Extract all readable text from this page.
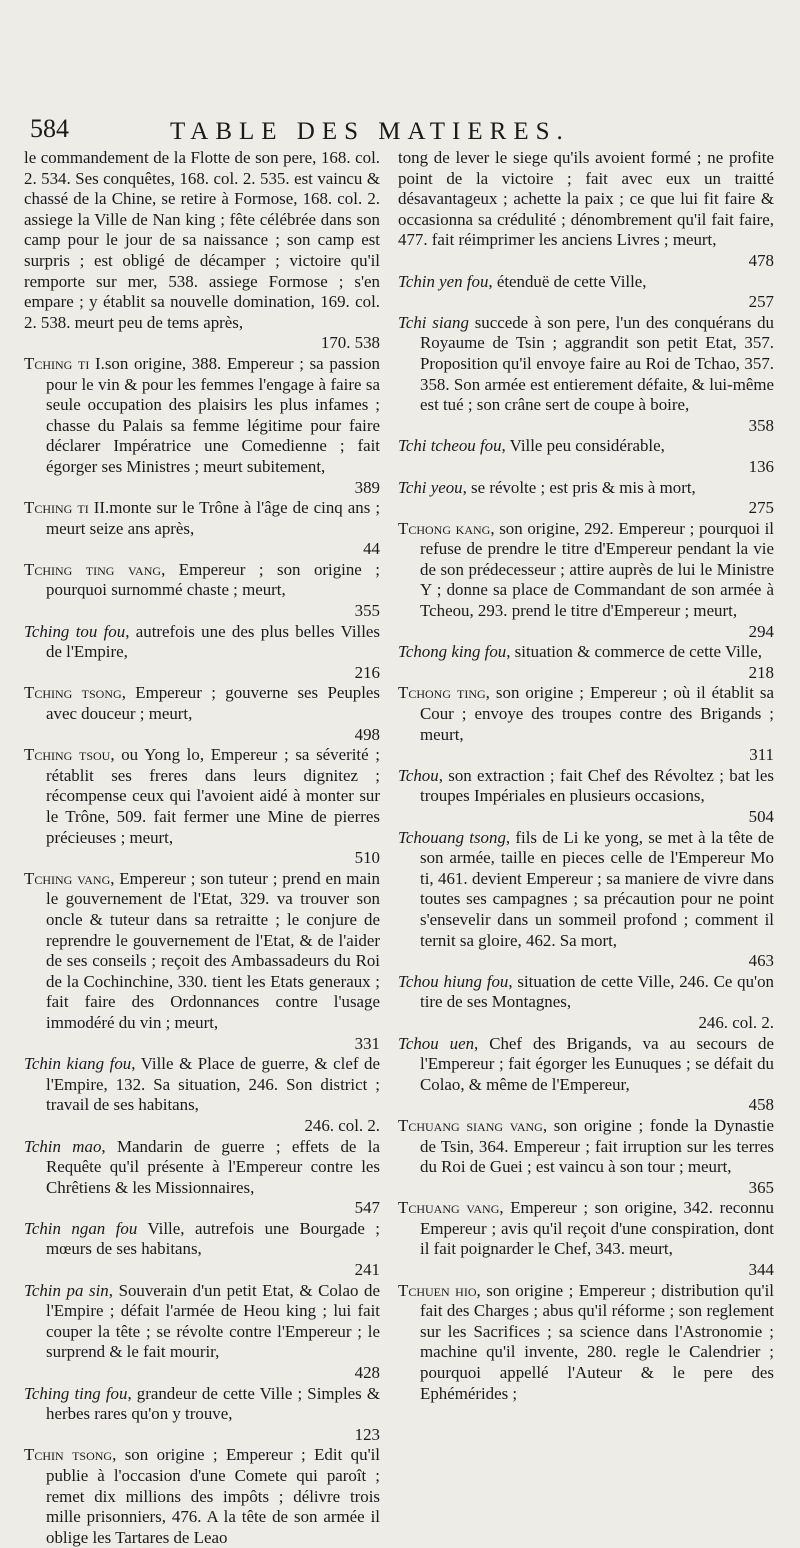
584	TABLE DES MATIERES.
le commandement de la Flotte de son pere, 168. col. 2. 534. Ses conquêtes, 168. col. 2. 535. est vaincu & chassé de la Chine, se retire à Formose, 168. col. 2. assiege la Ville de Nan king ; fête célébrée dans son camp pour le jour de sa naissance ; son camp est surpris ; est obligé de décamper ; victoire qu'il remporte sur mer, 538. assiege Formose ; s'en empare ; y établit sa nouvelle domination, 169. col. 2. 538. meurt peu de tems après,
170. 538
Tching ti I.son origine, 388. Empereur ; sa passion pour le vin & pour les femmes l'engage à faire sa seule occupation des plaisirs les plus infames ; chasse du Palais sa femme légitime pour faire déclarer Impératrice une Comedienne ; fait égorger ses Ministres ; meurt subitement,
389
Tching ti II.monte sur le Trône à l'âge de cinq ans ; meurt seize ans après,
44
Tching ting vang, Empereur ; son origine ; pourquoi surnommé chaste ; meurt,
355
Tching tou fou, autrefois une des plus belles Villes de l'Empire,
216
Tching tsong, Empereur ; gouverne ses Peuples avec douceur ; meurt,
498
Tching tsou, ou Yong lo, Empereur ; sa séverité ; rétablit ses freres dans leurs dignitez ; récompense ceux qui l'avoient aidé à monter sur le Trône, 509. fait fermer une Mine de pierres précieuses ; meurt,
510
Tching vang, Empereur ; son tuteur ; prend en main le gouvernement de l'Etat, 329. va trouver son oncle & tuteur dans sa retraitte ; le conjure de reprendre le gouvernement de l'Etat, & de l'aider de ses conseils ; reçoit des Ambassadeurs du Roi de la Cochinchine, 330. tient les Etats generaux ; fait faire des Ordonnances contre l'usage immodéré du vin ; meurt,
331
Tchin kiang fou, Ville & Place de guerre, & clef de l'Empire, 132. Sa situation, 246. Son district ; travail de ses habitans,
246. col. 2.
Tchin mao, Mandarin de guerre ; effets de la Requête qu'il présente à l'Empereur contre les Chrêtiens & les Missionnaires,
547
Tchin ngan fou Ville, autrefois une Bourgade ; mœurs de ses habitans,
241
Tchin pa sin, Souverain d'un petit Etat, & Colao de l'Empire ; défait l'armée de Heou king ; lui fait couper la tête ; se révolte contre l'Empereur ; le surprend & le fait mourir,
428
Tching ting fou, grandeur de cette Ville ; Simples & herbes rares qu'on y trouve,
123
Tchin tsong, son origine ; Empereur ; Edit qu'il publie à l'occasion d'une Comete qui paroît ; remet dix millions des impôts ; délivre trois mille prisonniers, 476. A la tête de son armée il oblige les Tartares de Leao
tong de lever le siege qu'ils avoient formé ; ne profite point de la victoire ; fait avec eux un traitté désavantageux ; achette la paix ; ce que lui fit faire & occasionna sa crédulité ; dénombrement qu'il fait faire, 477. fait réimprimer les anciens Livres ; meurt,
478
Tchin yen fou, étenduë de cette Ville,
257
Tchi siang succede à son pere, l'un des conquérans du Royaume de Tsin ; aggrandit son petit Etat, 357. Proposition qu'il envoye faire au Roi de Tchao, 357. 358. Son armée est entierement défaite, & lui-même est tué ; son crâne sert de coupe à boire,
358
Tchi tcheou fou, Ville peu considérable,
136
Tchi yeou, se révolte ; est pris & mis à mort,
275
Tchong kang, son origine, 292. Empereur ; pourquoi il refuse de prendre le titre d'Empereur pendant la vie de son prédecesseur ; attire auprès de lui le Ministre Y ; donne sa place de Commandant de son armée à Tcheou, 293. prend le titre d'Empereur ; meurt,
294
Tchong king fou, situation & commerce de cette Ville,
218
Tchong ting, son origine ; Empereur ; où il établit sa Cour ; envoye des troupes contre des Brigands ; meurt,
311
Tchou, son extraction ; fait Chef des Révoltez ; bat les troupes Impériales en plusieurs occasions,
504
Tchouang tsong, fils de Li ke yong, se met à la tête de son armée, taille en pieces celle de l'Empereur Mo ti, 461. devient Empereur ; sa maniere de vivre dans toutes ses campagnes ; sa précaution pour ne point s'ensevelir dans un sommeil profond ; comment il ternit sa gloire, 462. Sa mort,
463
Tchou hiung fou, situation de cette Ville, 246. Ce qu'on tire de ses Montagnes,
246. col. 2.
Tchou uen, Chef des Brigands, va au secours de l'Empereur ; fait égorger les Eunuques ; se défait du Colao, & même de l'Empereur,
458
Tchuang siang vang, son origine ; fonde la Dynastie de Tsin, 364. Empereur ; fait irruption sur les terres du Roi de Guei ; est vaincu à son tour ; meurt,
365
Tchuang vang, Empereur ; son origine, 342. reconnu Empereur ; avis qu'il reçoit d'une conspiration, dont il fait poignarder le Chef, 343. meurt,
344
Tchuen hio, son origine ; Empereur ; distribution qu'il fait des Charges ; abus qu'il réforme ; son reglement sur les Sacrifices ; sa science dans l'Astronomie ; machine qu'il invente, 280. regle le Calendrier ; pourquoi appellé l'Auteur & le pere des Ephémérides ;
